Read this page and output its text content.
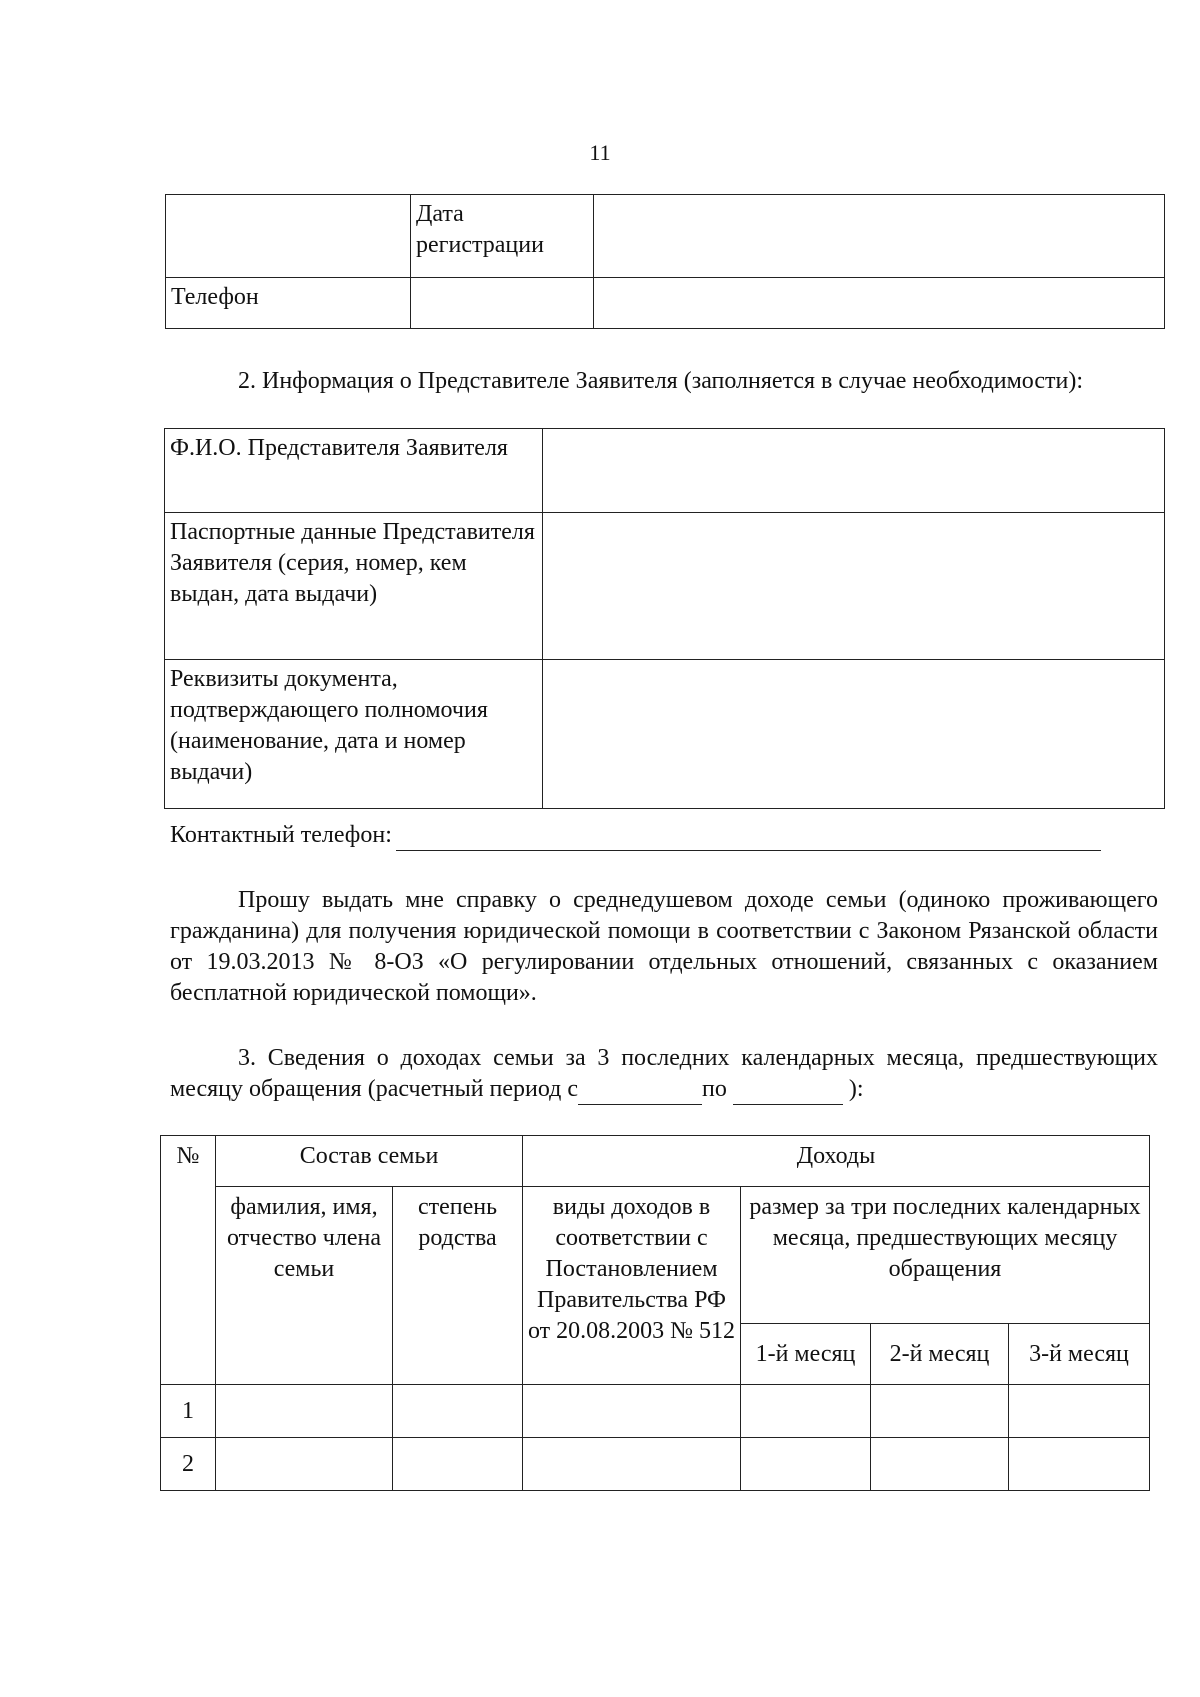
11
	Дата регистрации	
Телефон		
2. Информация о Представителе Заявителя (заполняется в случае необходимости):
Ф.И.О. Представителя Заявителя	
Паспортные данные Представителя Заявителя (серия, номер, кем выдан, дата выдачи)	
Реквизиты документа, подтверждающего полномочия (наименование, дата и номер выдачи)	
Контактный телефон:
Прошу выдать мне справку о среднедушевом доходе семьи (одиноко проживающего гражданина) для получения юридической помощи в соответствии с Законом Рязанской области от 19.03.2013 № 8-ОЗ «О регулировании отдельных отношений, связанных с оказанием бесплатной юридической помощи».
3. Сведения о доходах семьи за 3 последних календарных месяца, предшествующих месяцу обращения (расчетный период с	по	):
№	Состав семьи		Доходы			
	фамилия, имя, отчество члена семьи	степень родства	виды доходов в соответствии с Постановлением Правительства РФ от 20.08.2003 № 512	размер за три последних календарных месяца, предшествующих месяцу обращения		
				1-й месяц	2-й месяц	3-й месяц
1						
2						
